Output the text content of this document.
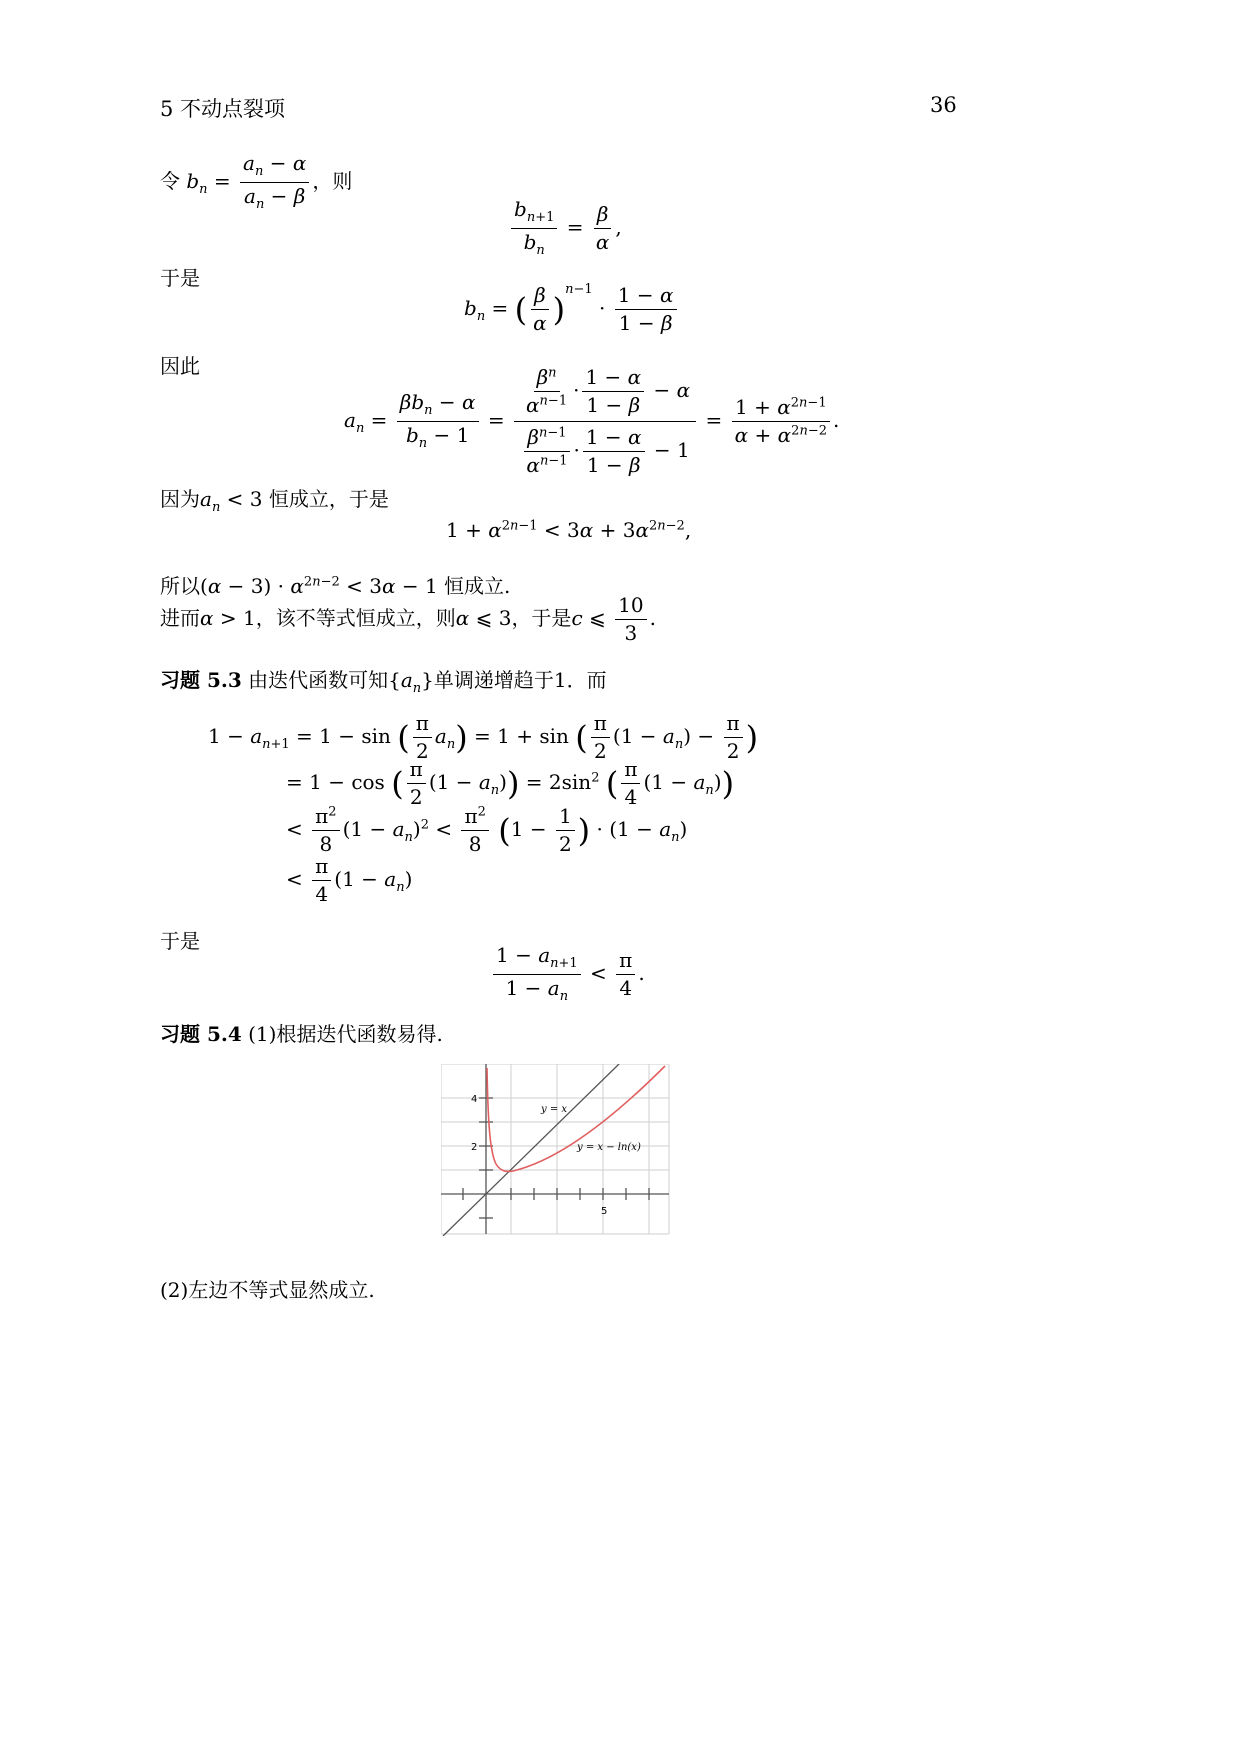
5 不动点裂项	36
令 $b_n = \frac{a_n - \alpha}{a_n - \beta}$ ，则
$\frac{b_{n+1}}{b_n} = \frac{\beta}{\alpha}$ ,
于是
$b_n$ = ( $\frac{\beta}{\alpha} )^{n-1} \cdot \frac{1 - \alpha}{1 - \beta}$
因此
$a_n = \frac{\beta b_n - \alpha}{b_n - 1} = \frac{\frac{\beta^n}{\alpha^{n-1}} \cdot \frac{1 - \alpha}{1 - \beta} - \alpha}{\frac{\beta^{n-1}}{\alpha^{n-1}} \cdot \frac{1 - \alpha}{1 - \beta} - 1} = \frac{1 + \alpha^{2n-1}}{\alpha + \alpha^{2n-2}}$ .
因为$a_n < 3$ 恒成立，于是
$1 + \alpha^{2n-1} < 3\alpha + 3\alpha^{2n-2}$,
所以$(\alpha - 3) \cdot \alpha^{2n-2} < 3\alpha - 1$ 恒成立.
进而α > 1，该不等式恒成立，则α ⩽ 3，于是c ⩽ $\frac{10}{3}$ .
习题 5.3 由迭代函数可知$\{a_n\}$单调递增趋于1．而
$1 - a_{n+1} = 1 - \sin$ ( $\frac{\pi}{2} a_n) = 1 + \sin$ ( $\frac{\pi}{2} (1 - a_n) - \frac{\pi}{2}$ )
= 1 − cos ( $\frac{\pi}{2} (1 - a_n)) = 2\sin^2$ ( $\frac{\pi}{4} (1 - a_n)$)
< $\frac{\pi^2}{8} (1 - a_n)^2 < \frac{\pi^2}{8} (1 - \frac{1}{2}$ ) · $(1 - a_n)$
< $\frac{\pi}{4} (1 - a_n)$
于是
$\frac{1 - a_{n+1}}{1 - a_n} < \frac{\pi}{4}$ .
习题 5.4 (1)根据迭代函数易得.
4
2
5
y = x
y = x − ln(x)
(2)左边不等式显然成立.
